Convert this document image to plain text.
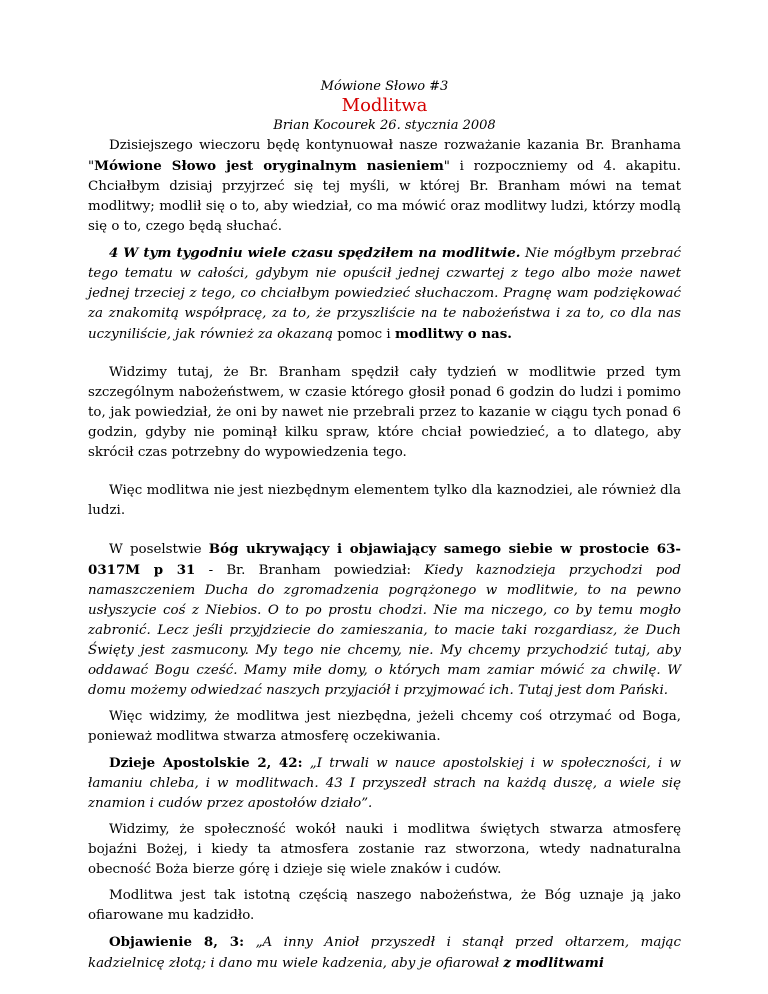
Mówione Słowo #3
Modlitwa
Brian Kocourek 26. stycznia 2008

Dzisiejszego wieczoru będę kontynuował nasze rozważanie kazania Br. Branhama "Mówione Słowo jest oryginalnym nasieniem" i rozpoczniemy od 4. akapitu. Chciałbym dzisiaj przyjrzeć się tej myśli, w której Br. Branham mówi na temat modlitwy; modlił się o to, aby wiedział, co ma mówić oraz modlitwy ludzi, którzy modlą się o to, czego będą słuchać.

4 W tym tygodniu wiele czasu spędziłem na modlitwie. Nie mógłbym przebrać tego tematu w całości, gdybym nie opuścił jednej czwartej z tego albo może nawet jednej trzeciej z tego, co chciałbym powiedzieć słuchaczom. Pragnę wam podziękować za znakomitą współpracę, za to, że przyszliście na te nabożeństwa i za to, co dla nas uczyniliście, jak również za okazaną pomoc i modlitwy o nas.

Widzimy tutaj, że Br. Branham spędził cały tydzień w modlitwie przed tym szczególnym nabożeństwem, w czasie którego głosił ponad 6 godzin do ludzi i pomimo to, jak powiedział, że oni by nawet nie przebrali przez to kazanie w ciągu tych ponad 6 godzin, gdyby nie pominął kilku spraw, które chciał powiedzieć, a to dlatego, aby skrócił czas potrzebny do wypowiedzenia tego.

Więc modlitwa nie jest niezbędnym elementem tylko dla kaznodziei, ale również dla ludzi.

W poselstwie Bóg ukrywający i objawiający samego siebie w prostocie 63-0317M p 31 - Br. Branham powiedział: Kiedy kaznodzieja przychodzi pod namaszczeniem Ducha do zgromadzenia pogrążonego w modlitwie, to na pewno usłyszycie coś z Niebios. O to po prostu chodzi. Nie ma niczego, co by temu mogło zabronić. Lecz jeśli przyjdziecie do zamieszania, to macie taki rozgardiasz, że Duch Święty jest zasmucony. My tego nie chcemy, nie. My chcemy przychodzić tutaj, aby oddawać Bogu cześć. Mamy miłe domy, o których mam zamiar mówić za chwilę. W domu możemy odwiedzać naszych przyjaciół i przyjmować ich. Tutaj jest dom Pański.

Więc widzimy, że modlitwa jest niezbędna, jeżeli chcemy coś otrzymać od Boga, ponieważ modlitwa stwarza atmosferę oczekiwania.

Dzieje Apostolskie 2, 42: „I trwali w nauce apostolskiej i w społeczności, i w łamaniu chleba, i w modlitwach. 43 I przyszedł strach na każdą duszę, a wiele się znamion i cudów przez apostołów działo”.

Widzimy, że społeczność wokół nauki i modlitwa świętych stwarza atmosferę bojaźni Bożej, i kiedy ta atmosfera zostanie raz stworzona, wtedy nadnaturalna obecność Boża bierze górę i dzieje się wiele znaków i cudów.

Modlitwa jest tak istotną częścią naszego nabożeństwa, że Bóg uznaje ją jako ofiarowane mu kadzidło.

Objawienie 8, 3: „A inny Anioł przyszedł i stanął przed ołtarzem, mając kadzielnicę złotą; i dano mu wiele kadzenia, aby je ofiarował z modlitwami
